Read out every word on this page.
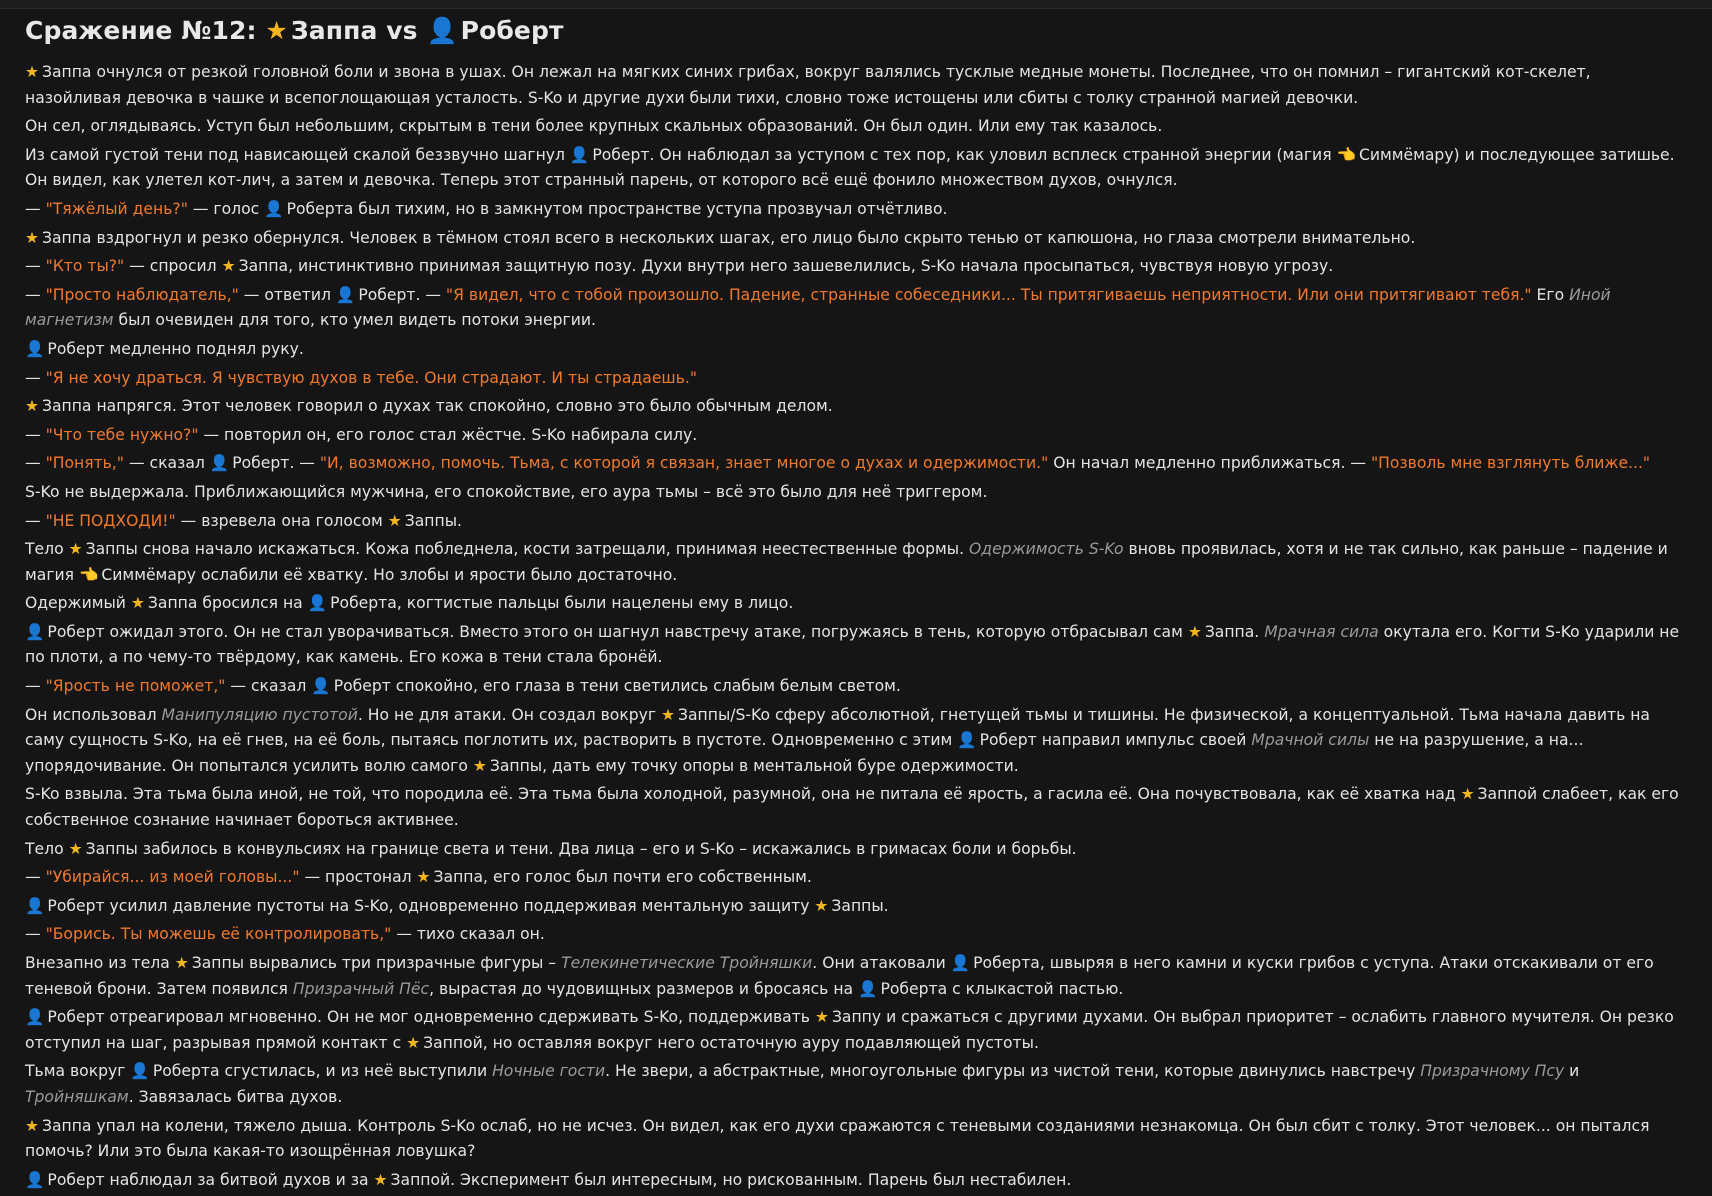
Сражение №12: ★ Заппа vs 👤 Роберт

★ Заппа очнулся от резкой головной боли и звона в ушах. Он лежал на мягких синих грибах, вокруг валялись тусклые медные монеты. Последнее, что он помнил – гигантский кот-скелет, назойливая девочка в чашке и всепоглощающая усталость. S-Ko и другие духи были тихи, словно тоже истощены или сбиты с толку странной магией девочки.

Он сел, оглядываясь. Уступ был небольшим, скрытым в тени более крупных скальных образований. Он был один. Или ему так казалось.

Из самой густой тени под нависающей скалой беззвучно шагнул 👤 Роберт. Он наблюдал за уступом с тех пор, как уловил всплеск странной энергии (магия 👈 Симмёмару) и последующее затишье. Он видел, как улетел кот-лич, а затем и девочка. Теперь этот странный парень, от которого всё ещё фонило множеством духов, очнулся.

— "Тяжёлый день?" — голос 👤 Роберта был тихим, но в замкнутом пространстве уступа прозвучал отчётливо.

★ Заппа вздрогнул и резко обернулся. Человек в тёмном стоял всего в нескольких шагах, его лицо было скрыто тенью от капюшона, но глаза смотрели внимательно.

— "Кто ты?" — спросил ★ Заппа, инстинктивно принимая защитную позу. Духи внутри него зашевелились, S-Ko начала просыпаться, чувствуя новую угрозу.

— "Просто наблюдатель," — ответил 👤 Роберт. — "Я видел, что с тобой произошло. Падение, странные собеседники... Ты притягиваешь неприятности. Или они притягивают тебя." Его Иной магнетизм был очевиден для того, кто умел видеть потоки энергии.

👤 Роберт медленно поднял руку.

— "Я не хочу драться. Я чувствую духов в тебе. Они страдают. И ты страдаешь."

★ Заппа напрягся. Этот человек говорил о духах так спокойно, словно это было обычным делом.

— "Что тебе нужно?" — повторил он, его голос стал жёстче. S-Ko набирала силу.

— "Понять," — сказал 👤 Роберт. — "И, возможно, помочь. Тьма, с которой я связан, знает многое о духах и одержимости." Он начал медленно приближаться. — "Позволь мне взглянуть ближе..."

S-Ko не выдержала. Приближающийся мужчина, его спокойствие, его аура тьмы – всё это было для неё триггером.

— "НЕ ПОДХОДИ!" — взревела она голосом ★ Заппы.

Тело ★ Заппы снова начало искажаться. Кожа побледнела, кости затрещали, принимая неестественные формы. Одержимость S-Ko вновь проявилась, хотя и не так сильно, как раньше – падение и магия 👈 Симмёмару ослабили её хватку. Но злобы и ярости было достаточно.

Одержимый ★ Заппа бросился на 👤 Роберта, когтистые пальцы были нацелены ему в лицо.

👤 Роберт ожидал этого. Он не стал уворачиваться. Вместо этого он шагнул навстречу атаке, погружаясь в тень, которую отбрасывал сам ★ Заппа. Мрачная сила окутала его. Когти S-Ko ударили не по плоти, а по чему-то твёрдому, как камень. Его кожа в тени стала бронёй.

— "Ярость не поможет," — сказал 👤 Роберт спокойно, его глаза в тени светились слабым белым светом.

Он использовал Манипуляцию пустотой. Но не для атаки. Он создал вокруг ★ Заппы/S-Ko сферу абсолютной, гнетущей тьмы и тишины. Не физической, а концептуальной. Тьма начала давить на саму сущность S-Ko, на её гнев, на её боль, пытаясь поглотить их, растворить в пустоте. Одновременно с этим 👤 Роберт направил импульс своей Мрачной силы не на разрушение, а на... упорядочивание. Он попытался усилить волю самого ★ Заппы, дать ему точку опоры в ментальной буре одержимости.

S-Ko взвыла. Эта тьма была иной, не той, что породила её. Эта тьма была холодной, разумной, она не питала её ярость, а гасила её. Она почувствовала, как её хватка над ★ Заппой слабеет, как его собственное сознание начинает бороться активнее.

Тело ★ Заппы забилось в конвульсиях на границе света и тени. Два лица – его и S-Ko – искажались в гримасах боли и борьбы.

— "Убирайся... из моей головы..." — простонал ★ Заппа, его голос был почти его собственным.

👤 Роберт усилил давление пустоты на S-Ko, одновременно поддерживая ментальную защиту ★ Заппы.

— "Борись. Ты можешь её контролировать," — тихо сказал он.

Внезапно из тела ★ Заппы вырвались три призрачные фигуры – Телекинетические Тройняшки. Они атаковали 👤 Роберта, швыряя в него камни и куски грибов с уступа. Атаки отскакивали от его теневой брони. Затем появился Призрачный Пёс, вырастая до чудовищных размеров и бросаясь на 👤 Роберта с клыкастой пастью.

👤 Роберт отреагировал мгновенно. Он не мог одновременно сдерживать S-Ko, поддерживать ★ Заппу и сражаться с другими духами. Он выбрал приоритет – ослабить главного мучителя. Он резко отступил на шаг, разрывая прямой контакт с ★ Заппой, но оставляя вокруг него остаточную ауру подавляющей пустоты.

Тьма вокруг 👤 Роберта сгустилась, и из неё выступили Ночные гости. Не звери, а абстрактные, многоугольные фигуры из чистой тени, которые двинулись навстречу Призрачному Псу и Тройняшкам. Завязалась битва духов.

★ Заппа упал на колени, тяжело дыша. Контроль S-Ko ослаб, но не исчез. Он видел, как его духи сражаются с теневыми созданиями незнакомца. Он был сбит с толку. Этот человек... он пытался помочь? Или это была какая-то изощрённая ловушка?

👤 Роберт наблюдал за битвой духов и за ★ Заппой. Эксперимент был интересным, но рискованным. Парень был нестабилен.
